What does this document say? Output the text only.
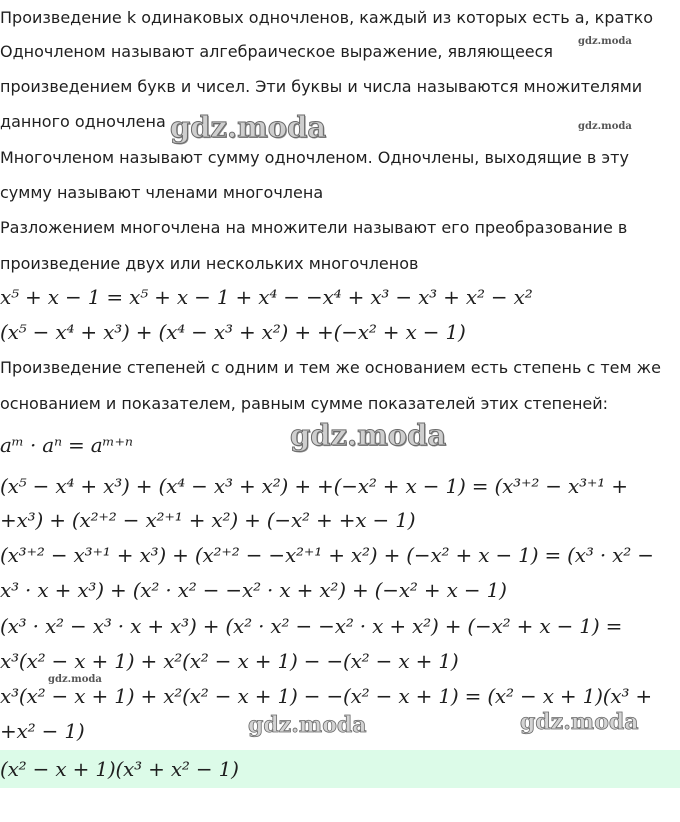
Произведение k одинаковых одночленов, каждый из которых есть a, кратко
Одночленом называют алгебраическое выражение, являющееся
произведением букв и чисел. Эти буквы и числа называются множителями
данного одночлена
Многочленом называют сумму одночленом. Одночлены, выходящие в эту
сумму называют членами многочлена
Разложением многочлена на множители называют его преобразование в
произведение двух или нескольких многочленов
x⁵ + x − 1 = x⁵ + x − 1 + x⁴ − −x⁴ + x³ − x³ + x² − x²
(x⁵ − x⁴ + x³) + (x⁴ − x³ + x²) + +(−x² + x − 1)
Произведение степеней с одним и тем же основанием есть степень с тем же
основанием и показателем, равным сумме показателей этих степеней:
aᵐ · aⁿ = aᵐ⁺ⁿ
(x⁵ − x⁴ + x³) + (x⁴ − x³ + x²) + +(−x² + x − 1) = (x³⁺² − x³⁺¹ +
+x³) + (x²⁺² − x²⁺¹ + x²) + (−x² + +x − 1)
(x³⁺² − x³⁺¹ + x³) + (x²⁺² − −x²⁺¹ + x²) + (−x² + x − 1) = (x³ · x² −
x³ · x + x³) + (x² · x² − −x² · x + x²) + (−x² + x − 1)
(x³ · x² − x³ · x + x³) + (x² · x² − −x² · x + x²) + (−x² + x − 1) =
x³(x² − x + 1) + x²(x² − x + 1) − −(x² − x + 1)
x³(x² − x + 1) + x²(x² − x + 1) − −(x² − x + 1) = (x² − x + 1)(x³ +
+x² − 1)
(x² − x + 1)(x³ + x² − 1)
gdz.moda
gdz.moda	gdz.moda
gdz.moda
gdz.moda
gdz.moda	gdz.moda
